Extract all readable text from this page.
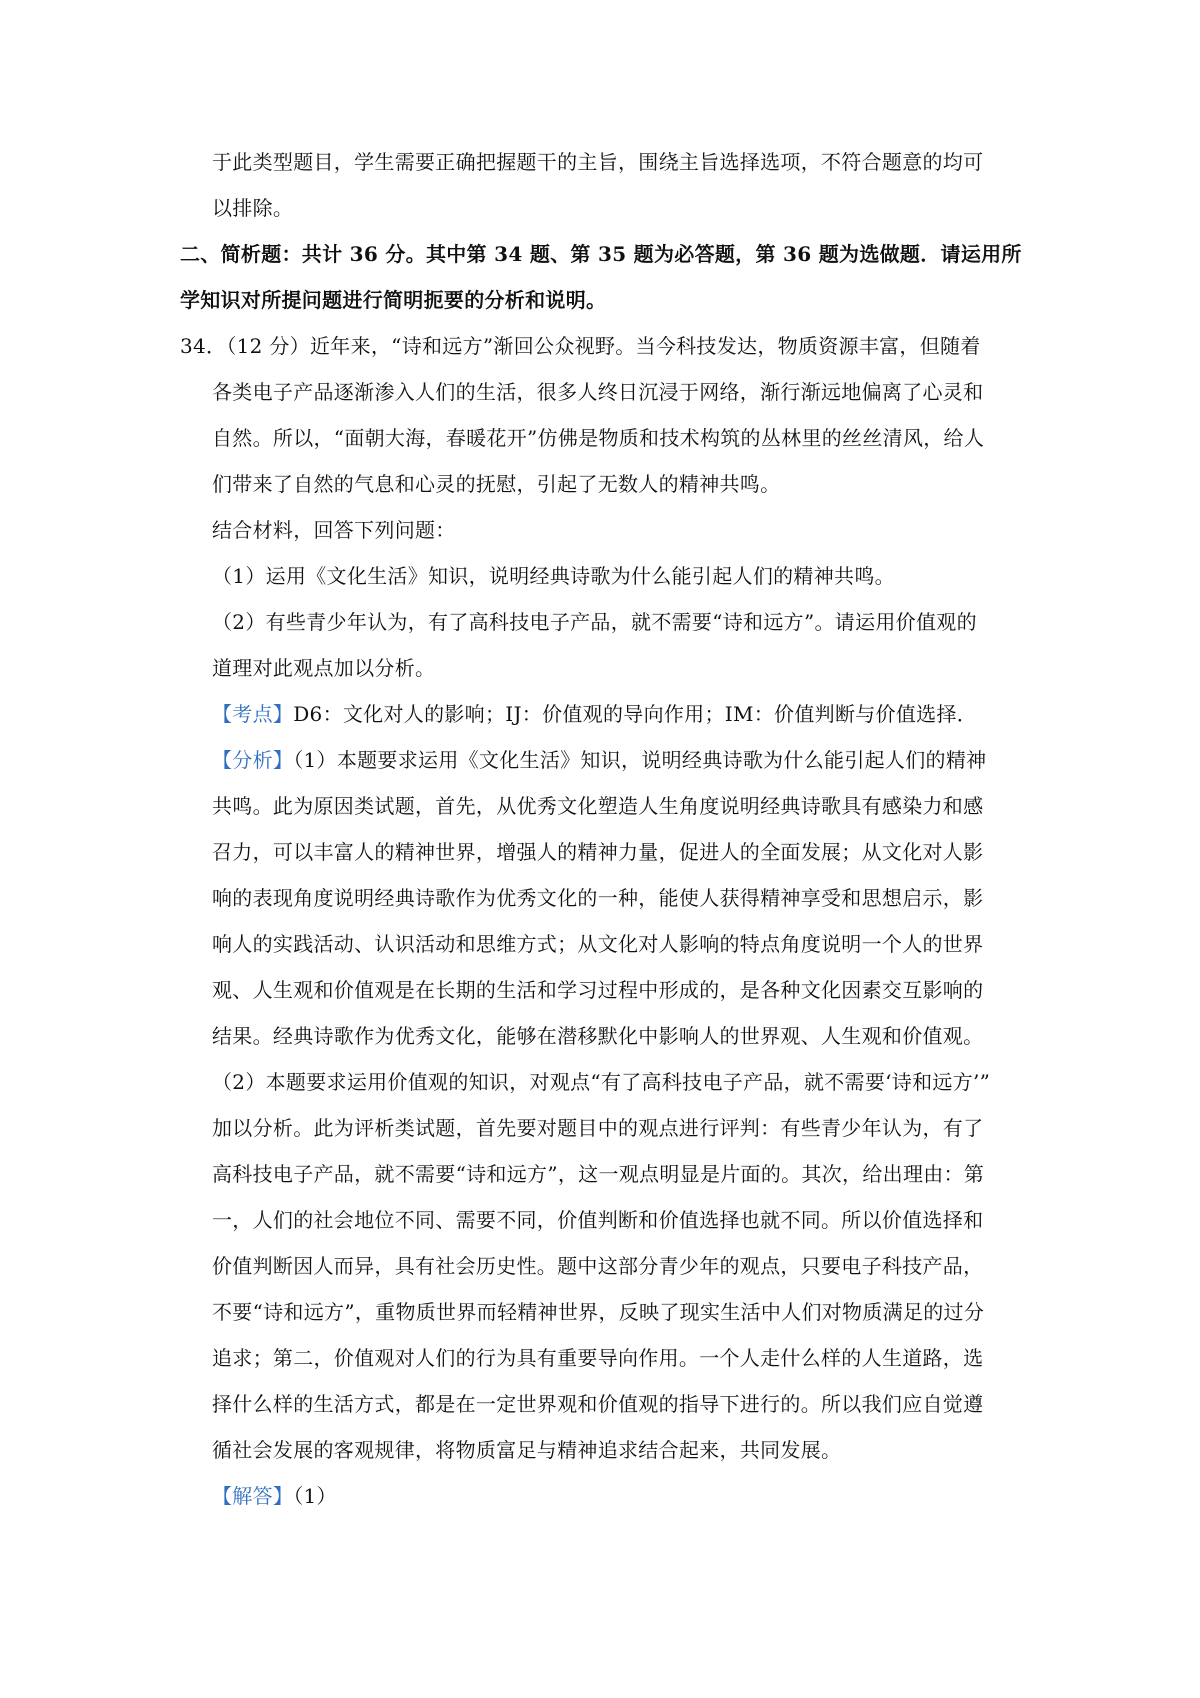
于此类型题目，学生需要正确把握题干的主旨，围绕主旨选择选项，不符合题意的均可
以排除。
二、简析题：共计 36 分。其中第 34 题、第 35 题为必答题，第 36 题为选做题．请运用所
学知识对所提问题进行简明扼要的分析和说明。
34．（12 分）近年来，“诗和远方”渐回公众视野。当今科技发达，物质资源丰富，但随着
各类电子产品逐渐渗入人们的生活，很多人终日沉浸于网络，渐行渐远地偏离了心灵和
自然。所以，“面朝大海，春暖花开”仿佛是物质和技术构筑的丛林里的丝丝清风，给人
们带来了自然的气息和心灵的抚慰，引起了无数人的精神共鸣。
结合材料，回答下列问题：
（1）运用《文化生活》知识，说明经典诗歌为什么能引起人们的精神共鸣。
（2）有些青少年认为，有了高科技电子产品，就不需要“诗和远方”。请运用价值观的
道理对此观点加以分析。
【考点】D6：文化对人的影响；IJ：价值观的导向作用；IM：价值判断与价值选择．
【分析】（1）本题要求运用《文化生活》知识，说明经典诗歌为什么能引起人们的精神
共鸣。此为原因类试题，首先，从优秀文化塑造人生角度说明经典诗歌具有感染力和感
召力，可以丰富人的精神世界，增强人的精神力量，促进人的全面发展；从文化对人影
响的表现角度说明经典诗歌作为优秀文化的一种，能使人获得精神享受和思想启示，影
响人的实践活动、认识活动和思维方式；从文化对人影响的特点角度说明一个人的世界
观、人生观和价值观是在长期的生活和学习过程中形成的，是各种文化因素交互影响的
结果。经典诗歌作为优秀文化，能够在潜移默化中影响人的世界观、人生观和价值观。
（2）本题要求运用价值观的知识，对观点“有了高科技电子产品，就不需要‘诗和远方’”
加以分析。此为评析类试题，首先要对题目中的观点进行评判：有些青少年认为，有了
高科技电子产品，就不需要“诗和远方”，这一观点明显是片面的。其次，给出理由：第
一，人们的社会地位不同、需要不同，价值判断和价值选择也就不同。所以价值选择和
价值判断因人而异，具有社会历史性。题中这部分青少年的观点，只要电子科技产品，
不要“诗和远方”，重物质世界而轻精神世界，反映了现实生活中人们对物质满足的过分
追求；第二，价值观对人们的行为具有重要导向作用。一个人走什么样的人生道路，选
择什么样的生活方式，都是在一定世界观和价值观的指导下进行的。所以我们应自觉遵
循社会发展的客观规律，将物质富足与精神追求结合起来，共同发展。
【解答】（1）
